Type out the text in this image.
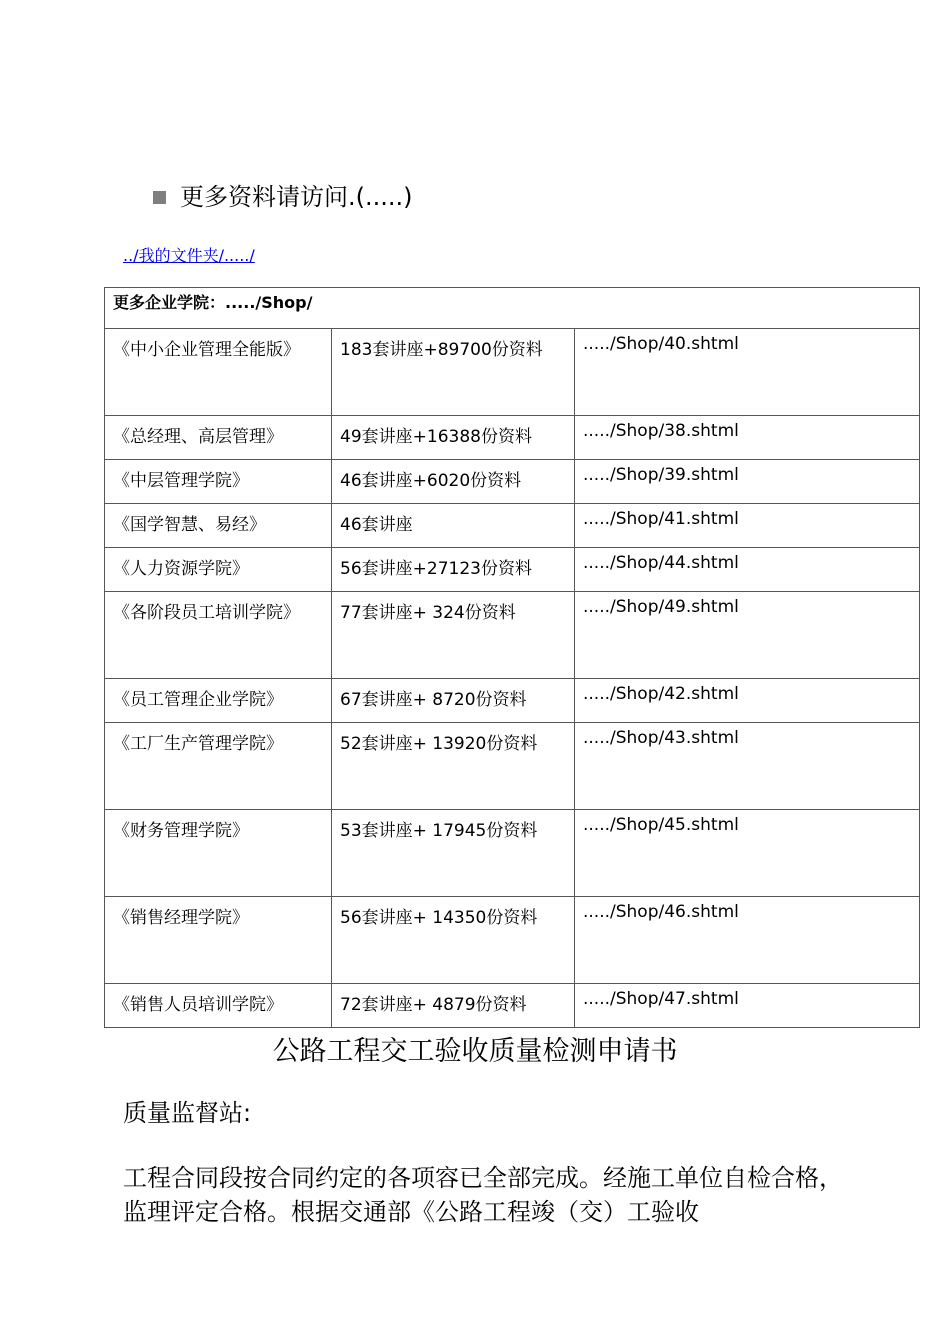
更多资料请访问.(.....)
../我的文件夹/...../
更多企业学院：...../Shop/		
《中小企业管理全能版》	183套讲座+89700份资料	...../Shop/40.shtml
《总经理、高层管理》	49套讲座+16388份资料	...../Shop/38.shtml
《中层管理学院》	46套讲座+6020份资料	...../Shop/39.shtml
《国学智慧、易经》	46套讲座	...../Shop/41.shtml
《人力资源学院》	56套讲座+27123份资料	...../Shop/44.shtml
《各阶段员工培训学院》	77套讲座+ 324份资料	...../Shop/49.shtml
《员工管理企业学院》	67套讲座+ 8720份资料	...../Shop/42.shtml
《工厂生产管理学院》	52套讲座+ 13920份资料	...../Shop/43.shtml
《财务管理学院》	53套讲座+ 17945份资料	...../Shop/45.shtml
《销售经理学院》	56套讲座+ 14350份资料	...../Shop/46.shtml
《销售人员培训学院》	72套讲座+ 4879份资料	...../Shop/47.shtml
公路工程交工验收质量检测申请书
质量监督站:
工程合同段按合同约定的各项容已全部完成。经施工单位自检合格，监理评定合格。根据交通部《公路工程竣（交）工验收
